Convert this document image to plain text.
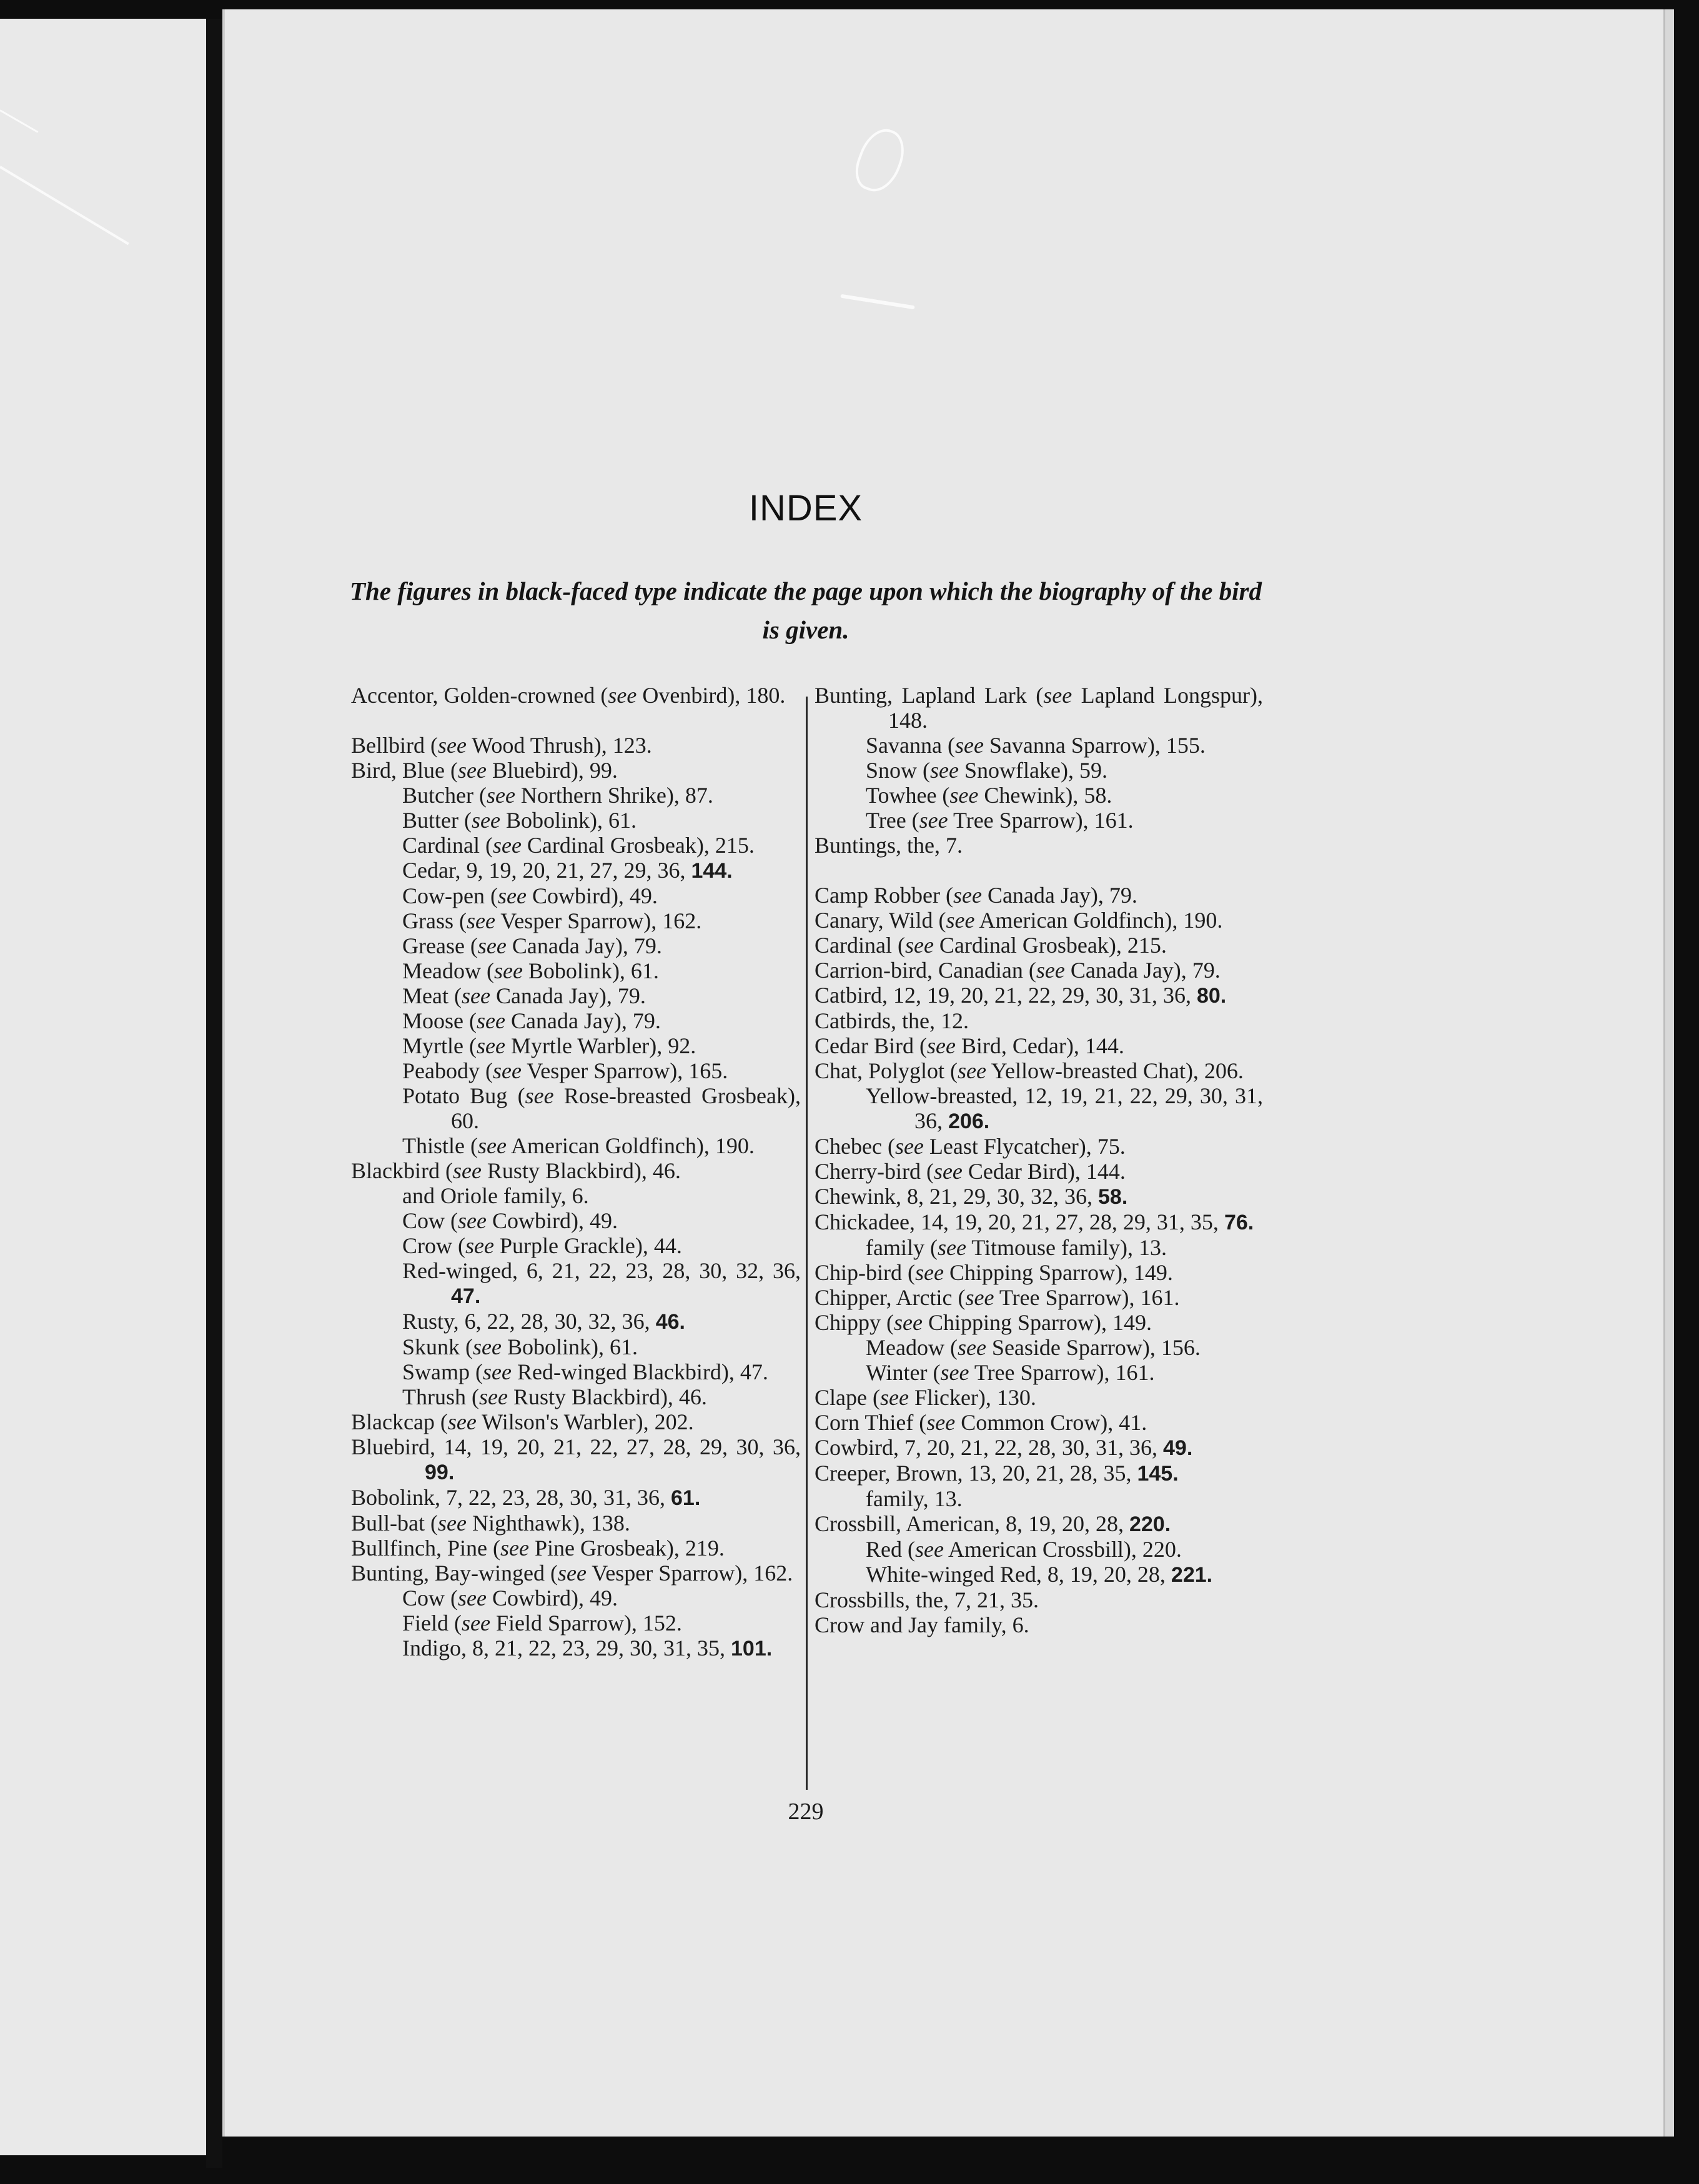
INDEX
The figures in black-faced type indicate the page upon which the biography of the bird is given.
Accentor, Golden-crowned (see Ovenbird), 180.
Bellbird (see Wood Thrush), 123.
Bird, Blue (see Bluebird), 99.
Butcher (see Northern Shrike), 87.
Butter (see Bobolink), 61.
Cardinal (see Cardinal Grosbeak), 215.
Cedar, 9, 19, 20, 21, 27, 29, 36, 144.
Cow-pen (see Cowbird), 49.
Grass (see Vesper Sparrow), 162.
Grease (see Canada Jay), 79.
Meadow (see Bobolink), 61.
Meat (see Canada Jay), 79.
Moose (see Canada Jay), 79.
Myrtle (see Myrtle Warbler), 92.
Peabody (see Vesper Sparrow), 165.
Potato Bug (see Rose-breasted Grosbeak), 60.
Thistle (see American Goldfinch), 190.
Blackbird (see Rusty Blackbird), 46.
and Oriole family, 6.
Cow (see Cowbird), 49.
Crow (see Purple Grackle), 44.
Red-winged, 6, 21, 22, 23, 28, 30, 32, 36, 47.
Rusty, 6, 22, 28, 30, 32, 36, 46.
Skunk (see Bobolink), 61.
Swamp (see Red-winged Blackbird), 47.
Thrush (see Rusty Blackbird), 46.
Blackcap (see Wilson's Warbler), 202.
Bluebird, 14, 19, 20, 21, 22, 27, 28, 29, 30, 36, 99.
Bobolink, 7, 22, 23, 28, 30, 31, 36, 61.
Bull-bat (see Nighthawk), 138.
Bullfinch, Pine (see Pine Grosbeak), 219.
Bunting, Bay-winged (see Vesper Sparrow), 162.
Cow (see Cowbird), 49.
Field (see Field Sparrow), 152.
Indigo, 8, 21, 22, 23, 29, 30, 31, 35, 101.
Bunting, Lapland Lark (see Lapland Longspur), 148.
Savanna (see Savanna Sparrow), 155.
Snow (see Snowflake), 59.
Towhee (see Chewink), 58.
Tree (see Tree Sparrow), 161.
Buntings, the, 7.
Camp Robber (see Canada Jay), 79.
Canary, Wild (see American Goldfinch), 190.
Cardinal (see Cardinal Grosbeak), 215.
Carrion-bird, Canadian (see Canada Jay), 79.
Catbird, 12, 19, 20, 21, 22, 29, 30, 31, 36, 80.
Catbirds, the, 12.
Cedar Bird (see Bird, Cedar), 144.
Chat, Polyglot (see Yellow-breasted Chat), 206.
Yellow-breasted, 12, 19, 21, 22, 29, 30, 31, 36, 206.
Chebec (see Least Flycatcher), 75.
Cherry-bird (see Cedar Bird), 144.
Chewink, 8, 21, 29, 30, 32, 36, 58.
Chickadee, 14, 19, 20, 21, 27, 28, 29, 31, 35, 76.
family (see Titmouse family), 13.
Chip-bird (see Chipping Sparrow), 149.
Chipper, Arctic (see Tree Sparrow), 161.
Chippy (see Chipping Sparrow), 149.
Meadow (see Seaside Sparrow), 156.
Winter (see Tree Sparrow), 161.
Clape (see Flicker), 130.
Corn Thief (see Common Crow), 41.
Cowbird, 7, 20, 21, 22, 28, 30, 31, 36, 49.
Creeper, Brown, 13, 20, 21, 28, 35, 145.
family, 13.
Crossbill, American, 8, 19, 20, 28, 220.
Red (see American Crossbill), 220.
White-winged Red, 8, 19, 20, 28, 221.
Crossbills, the, 7, 21, 35.
Crow and Jay family, 6.
229
